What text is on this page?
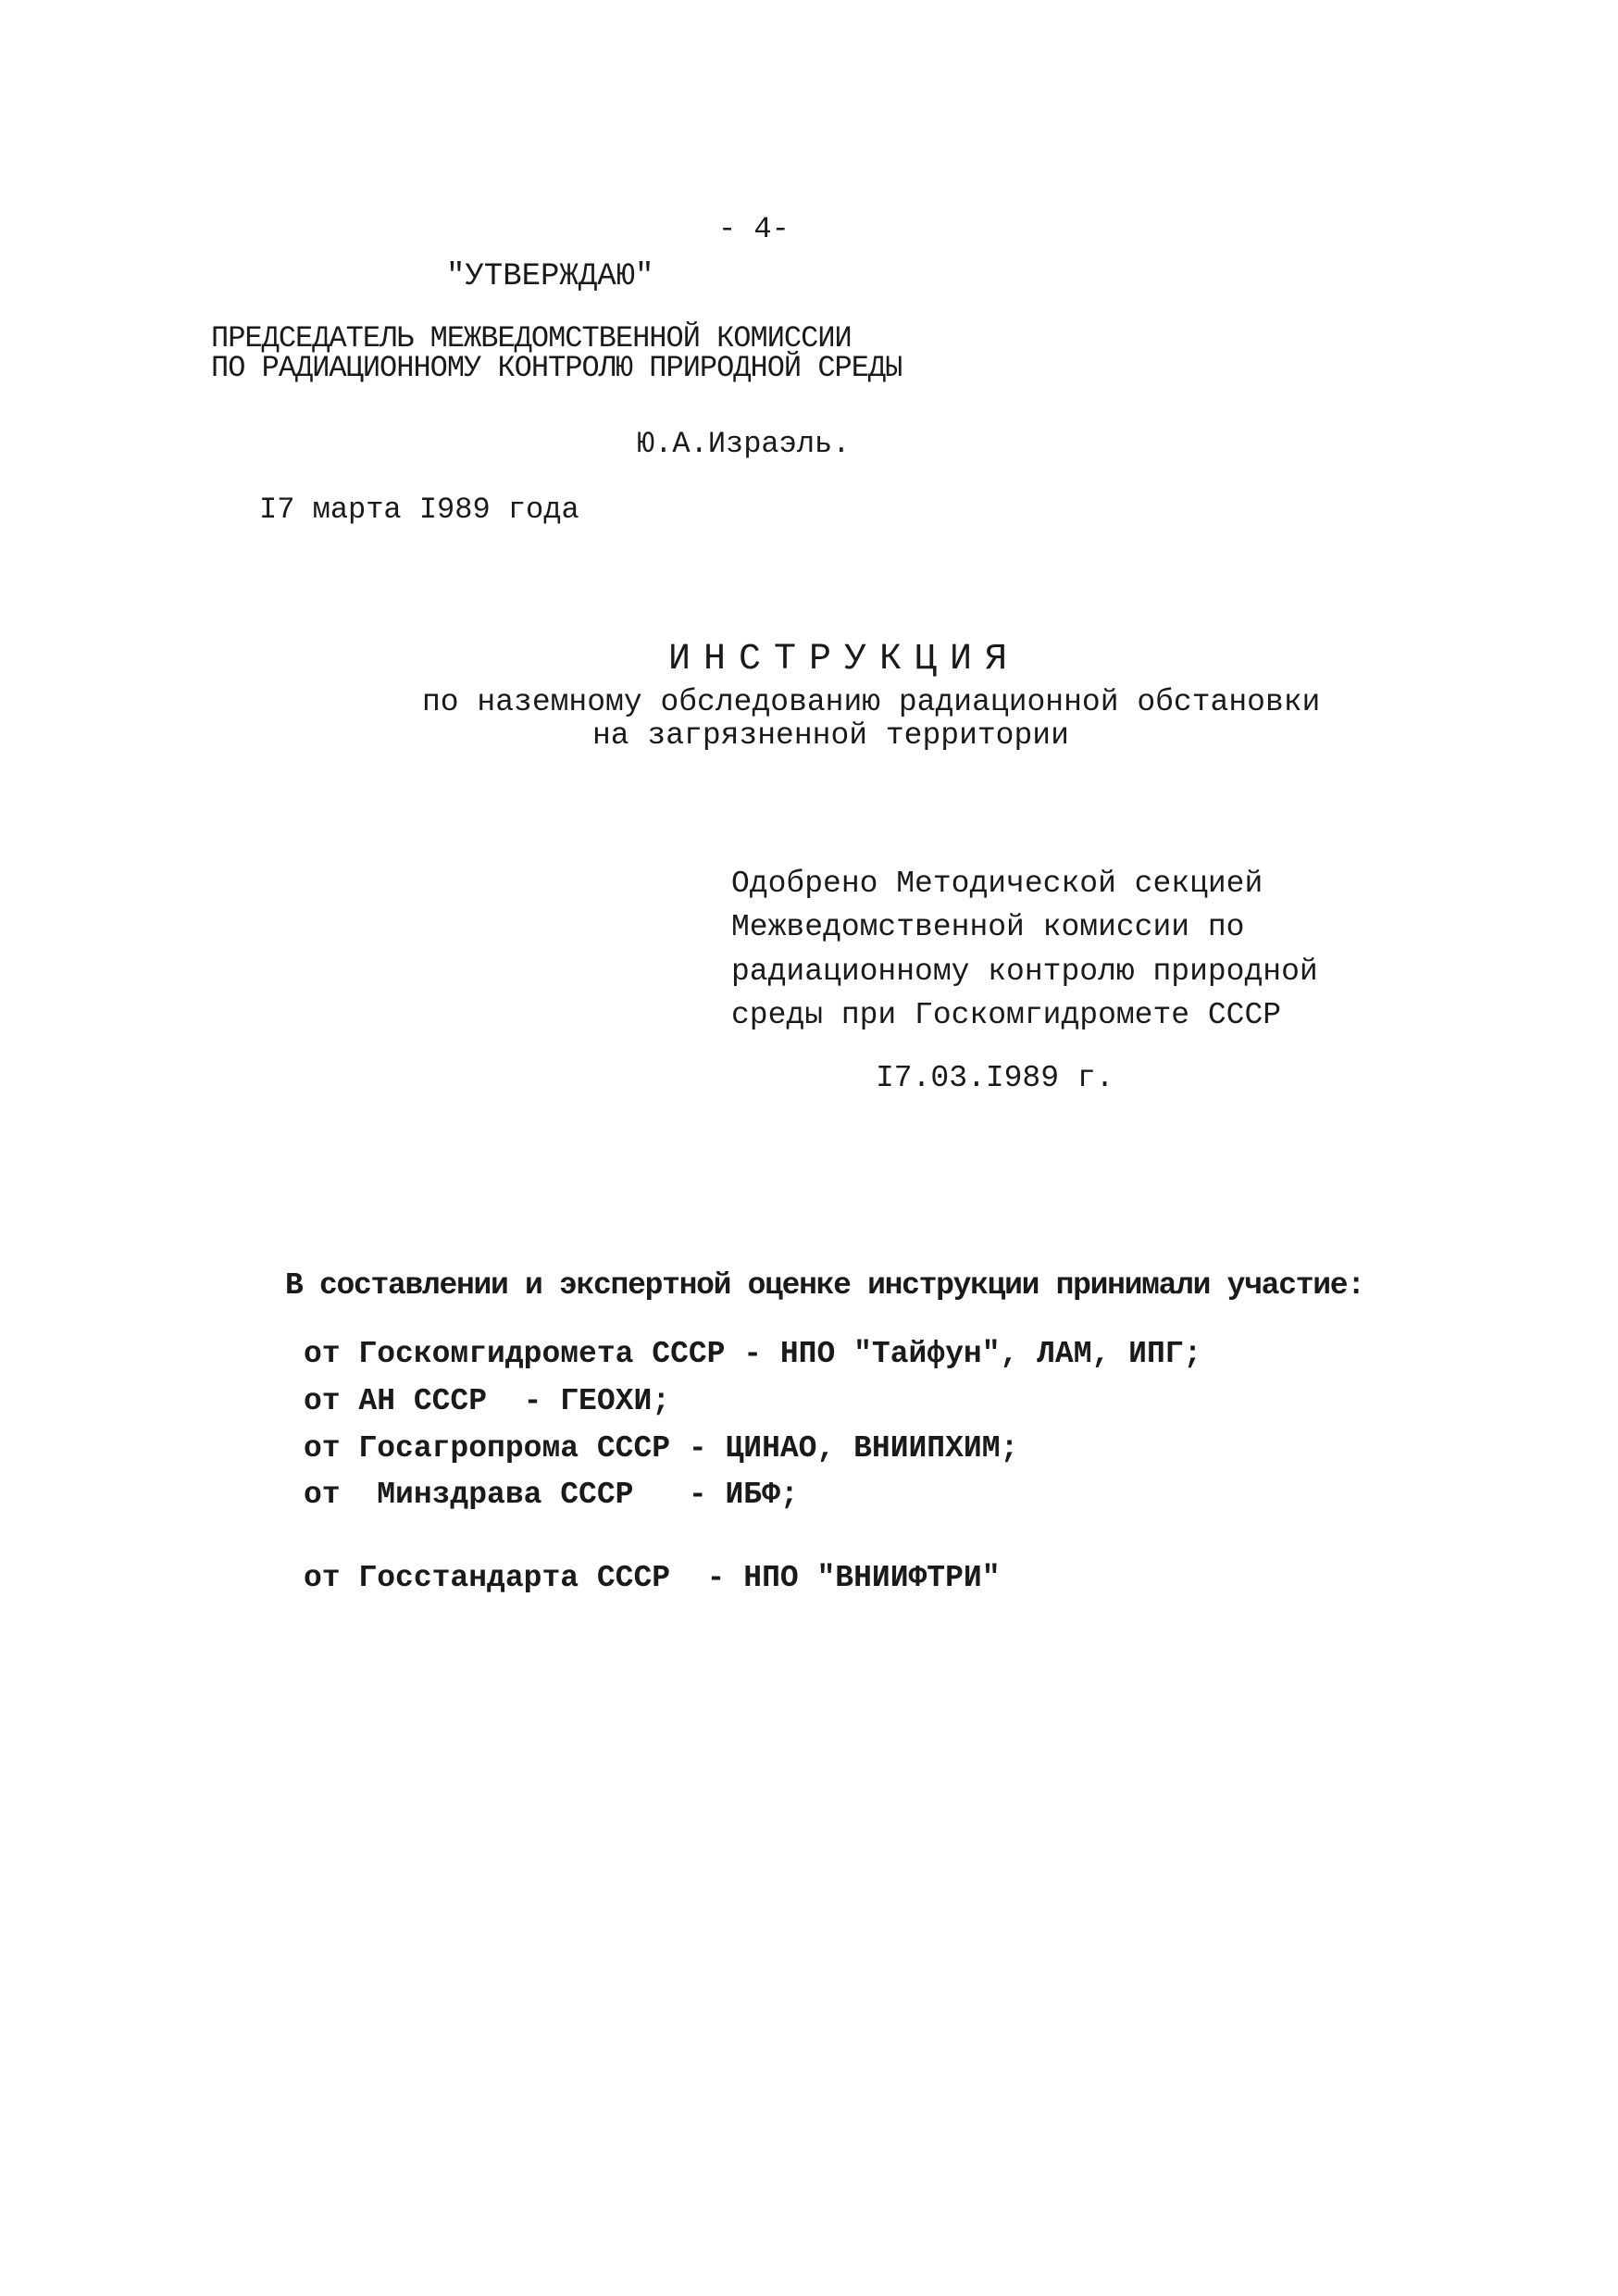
- 4-
"УТВЕРЖДАЮ"
ПРЕДСЕДАТЕЛЬ МЕЖВЕДОМСТВЕННОЙ КОМИССИИ
ПО РАДИАЦИОННОМУ КОНТРОЛЮ ПРИРОДНОЙ СРЕДЫ
Ю.А.Израэль.
I7 марта I989 года
ИНСТРУКЦИЯ
по наземному обследованию радиационной обстановки
на загрязненной территории
Одобрено Методической секцией
Межведомственной комиссии по
радиационному контролю природной
среды при Госкомгидромете СССР
I7.03.I989 г.
В составлении и экспертной оценке инструкции принимали участие:
от Госкомгидромета СССР - НПО "Тайфун", ЛАМ, ИПГ;
от АН СССР  - ГЕОХИ;
от Госагропрома СССР - ЦИНАО, ВНИИПХИМ;
от  Минздрава СССР   - ИБФ;
от Госстандарта СССР  - НПО "ВНИИФТРИ"
